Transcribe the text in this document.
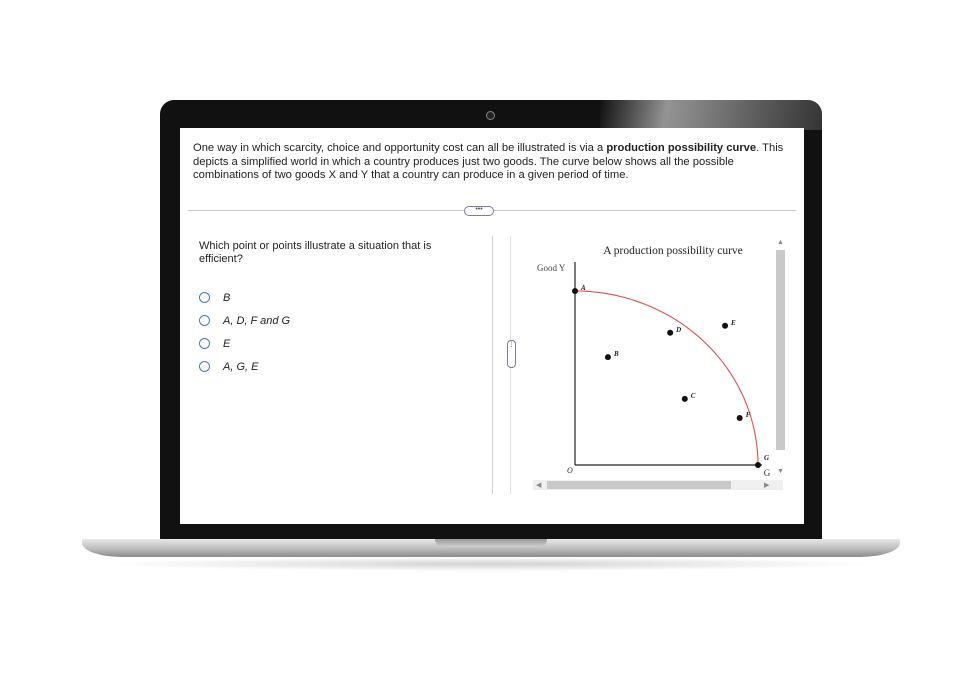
One way in which scarcity, choice and opportunity cost can all be illustrated is via a production possibility curve. This depicts a simplified world in which a country produces just two goods. The curve below shows all the possible combinations of two goods X and Y that a country can produce in a given period of time.
•••
Which point or points illustrate a situation that is efficient?
B
A, D, F and G
E
A, G, E
⋮
A production possibility curve
Good Y
O	G
A
D
F
G
E
B
C
◀	▶
▲
▼
